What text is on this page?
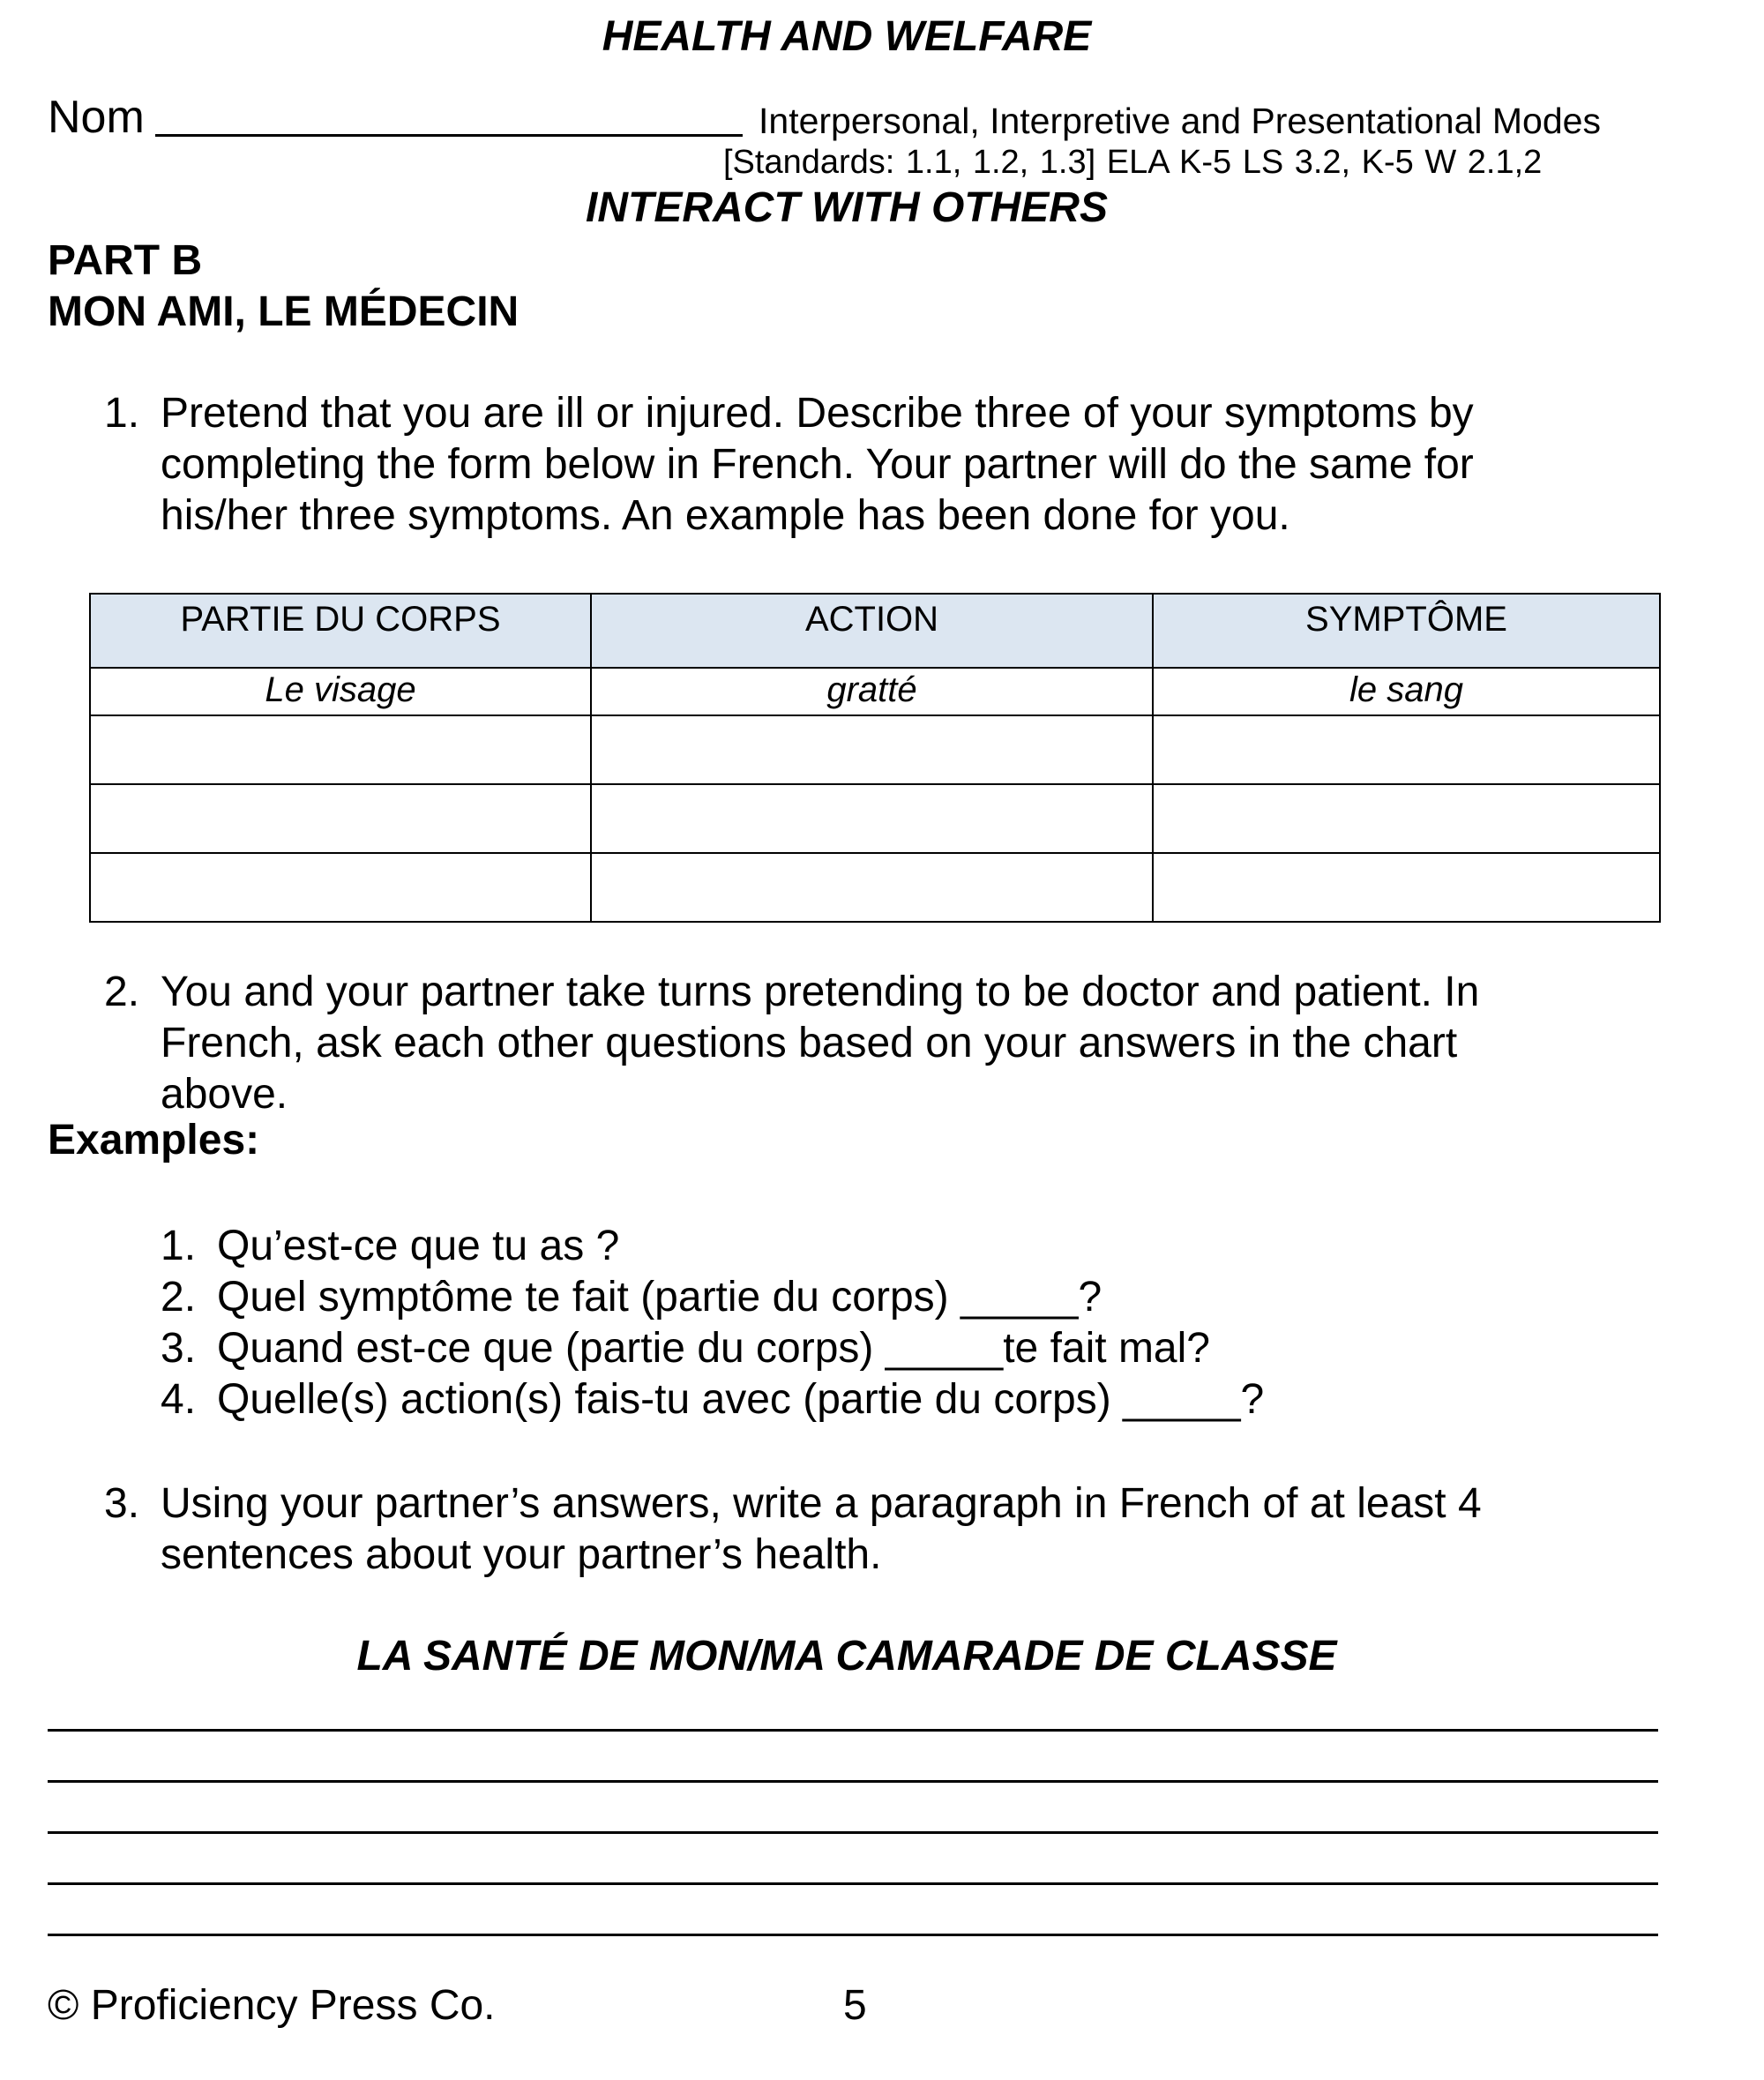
HEALTH AND WELFARE
Nom	Interpersonal, Interpretive and Presentational Modes
[Standards: 1.1, 1.2, 1.3] ELA K-5 LS 3.2, K-5 W 2.1,2
INTERACT WITH OTHERS
PART B
MON AMI, LE MÉDECIN
1. Pretend that you are ill or injured. Describe three of your symptoms by
completing the form below in French. Your partner will do the same for
his/her three symptoms. An example has been done for you.
PARTIE DU CORPS	ACTION	SYMPTÔME
Le visage	gratté	le sang

2. You and your partner take turns pretending to be doctor and patient. In
French, ask each other questions based on your answers in the chart
above.
Examples:
1. Qu’est-ce que tu as ?
2. Quel symptôme te fait (partie du corps) _____?
3. Quand est-ce que (partie du corps) _____te fait mal?
4. Quelle(s) action(s) fais-tu avec (partie du corps) _____?
3. Using your partner’s answers, write a paragraph in French of at least 4
sentences about your partner’s health.
LA SANTÉ DE MON/MA CAMARADE DE CLASSE
© Proficiency Press Co.	5
